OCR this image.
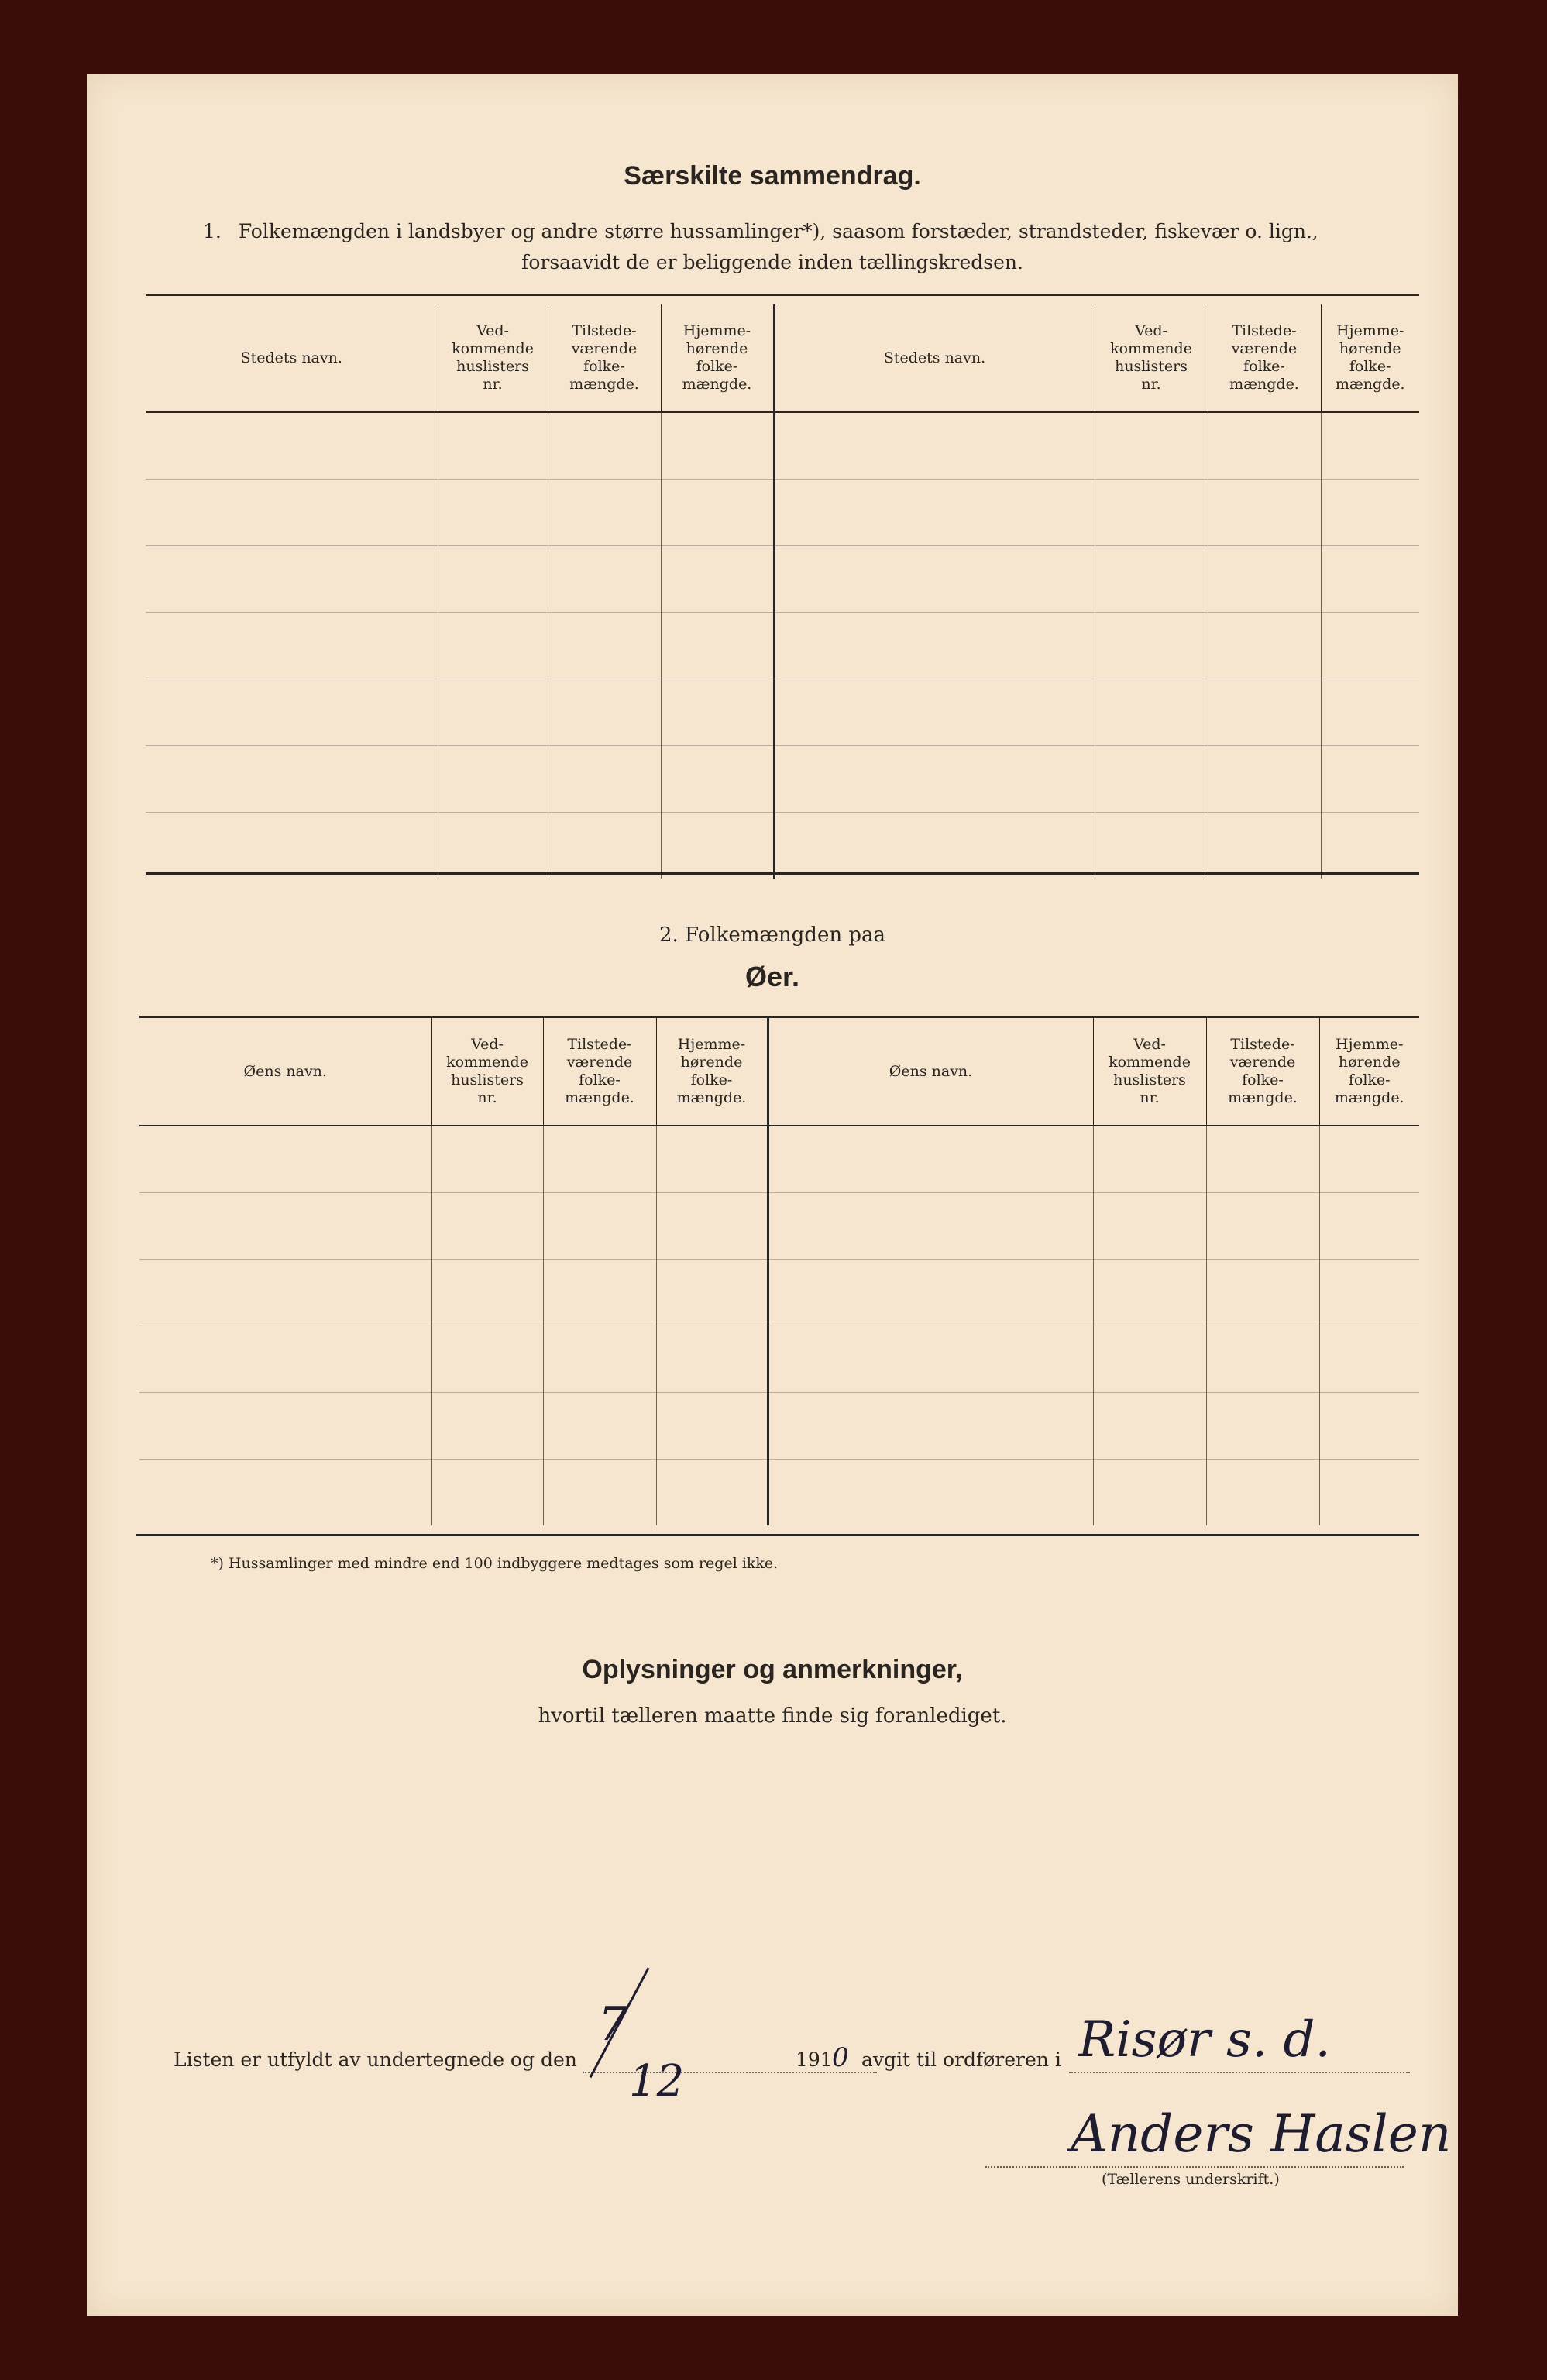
Særskilte sammendrag.
1. Folkemængden i landsbyer og andre større hussamlinger*), saasom forstæder, strandsteder, fiskevær o. lign.,
forsaavidt de er beliggende inden tællingskredsen.
Stedets navn.	Ved-
kommende
huslisters
nr.	Tilstede-
værende
folke-
mængde.	Hjemme-
hørende
folke-
mængde.	Stedets navn.	Ved-
kommende
huslisters
nr.	Tilstede-
værende
folke-
mængde.	Hjemme-
hørende
folke-
mængde.

2. Folkemængden paa
Øer.
Øens navn.	Ved-
kommende
huslisters
nr.	Tilstede-
værende
folke-
mængde.	Hjemme-
hørende
folke-
mængde.	Øens navn.	Ved-
kommende
huslisters
nr.	Tilstede-
værende
folke-
mængde.	Hjemme-
hørende
folke-
mængde.

*) Hussamlinger med mindre end 100 indbyggere medtages som regel ikke.
Oplysninger og anmerkninger,
hvortil tælleren maatte finde sig foranlediget.
Listen er utfyldt av undertegnede og den
7
12	191 0 avgit til ordføreren i Risør s. d.
Anders Haslen
(Tællerens underskrift.)
